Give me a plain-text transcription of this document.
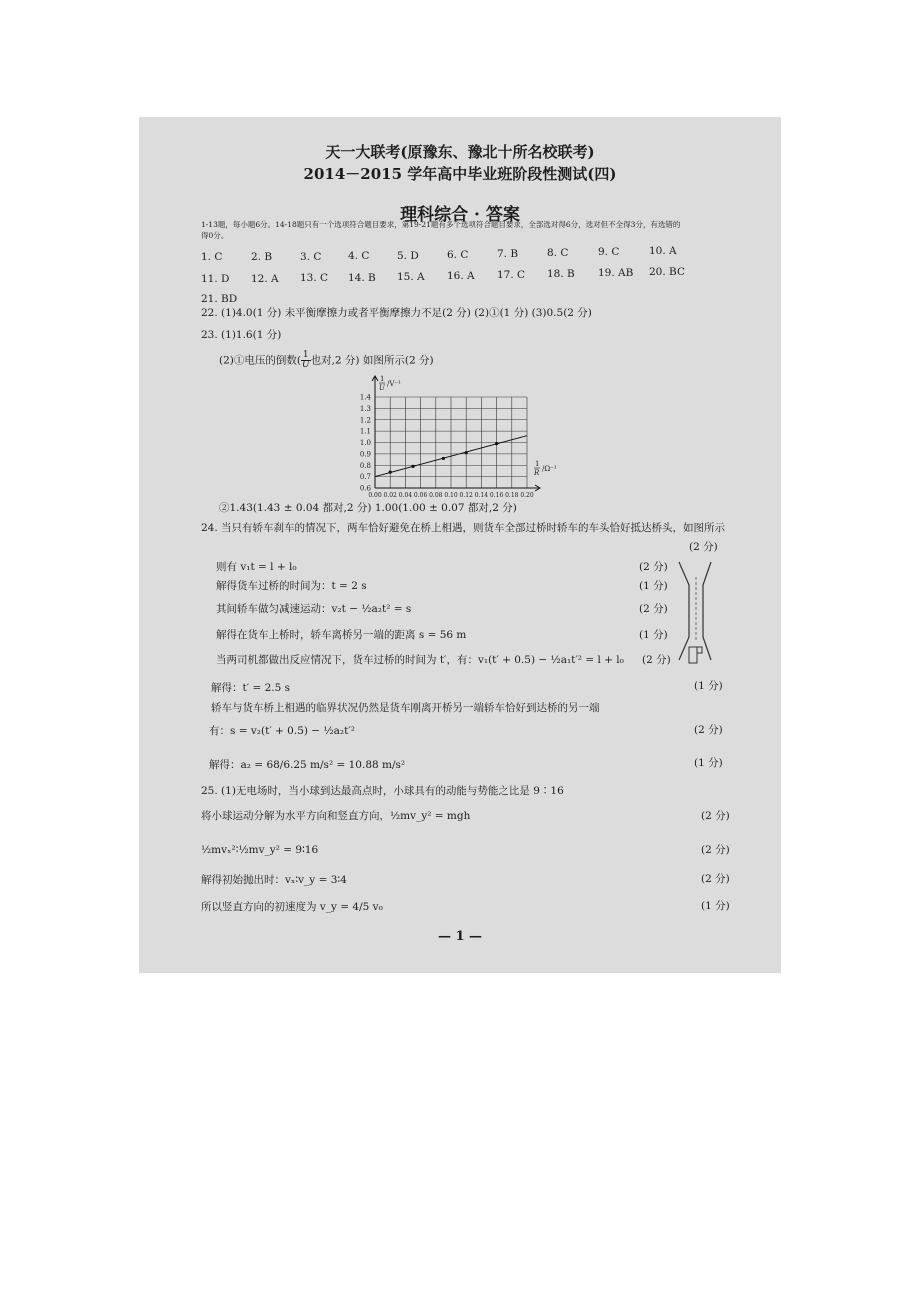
天一大联考(原豫东、豫北十所名校联考)
2014－2015 学年高中毕业班阶段性测试(四)
理科综合 · 答案
1-13题，每小题6分。14-18题只有一个选项符合题目要求，第19-21题有多个选项符合题目要求，全部选对得6分，选对但不全得3分，有选错的
得0分。
1. C	2. B	3. C	4. C	5. D	6. C	7. B	8. C	9. C	10. A
11. D 12. A 13. C 14. B 15. A 16. A 17. C 18. B 19. AB 20. BC
21. BD
22. (1)4.0(1 分) 未平衡摩擦力或者平衡摩擦力不足(2 分) (2)①(1 分) (3)0.5(2 分)
23. (1)1.6(1 分)
(2)①电压的倒数( $\frac{1}{U}$ 也对,2 分) 如图所示(2 分)
0.00 0.02 0.04 0.06 0.08 0.10 0.12 0.14 0.16 0.18 0.20
0.6
0.7
0.8
0.9
1.0
1.1
1.2
1.3
1.4
1
U /V⁻¹
1
R /Ω⁻¹
②1.43(1.43 ± 0.04 都对,2 分) 1.00(1.00 ± 0.07 都对,2 分)
24. 当只有轿车刹车的情况下，两车恰好避免在桥上相遇，则货车全部过桥时轿车的车头恰好抵达桥头，如图所示
(2 分)
则有 v₁t = l + l₀	(2 分)
解得货车过桥的时间为：t = 2 s	(1 分)
其间轿车做匀减速运动：v₂t − ½a₂t² = s	(2 分)
解得在货车上桥时，轿车离桥另一端的距离 s = 56 m	(1 分)
当两司机都做出反应情况下，货车过桥的时间为 t′，有：v₁(t′ + 0.5) − ½a₁t′² = l + l₀ (2 分)
解得：t′ = 2.5 s	(1 分)
轿车与货车桥上相遇的临界状况仍然是货车刚离开桥另一端轿车恰好到达桥的另一端
有：s = v₂(t′ + 0.5) − ½a₂t′²	(2 分)
解得：a₂ = 68/6.25 m/s² = 10.88 m/s²	(1 分)
25. (1)无电场时，当小球到达最高点时，小球具有的动能与势能之比是 9∶16
将小球运动分解为水平方向和竖直方向，½mv_y² = mgh	(2 分)
½mvₓ²∶½mv_y² = 9∶16	(2 分)
解得初始抛出时：vₓ∶v_y = 3∶4	(2 分)
所以竖直方向的初速度为 v_y = 4/5 v₀	(1 分)
— 1 —
